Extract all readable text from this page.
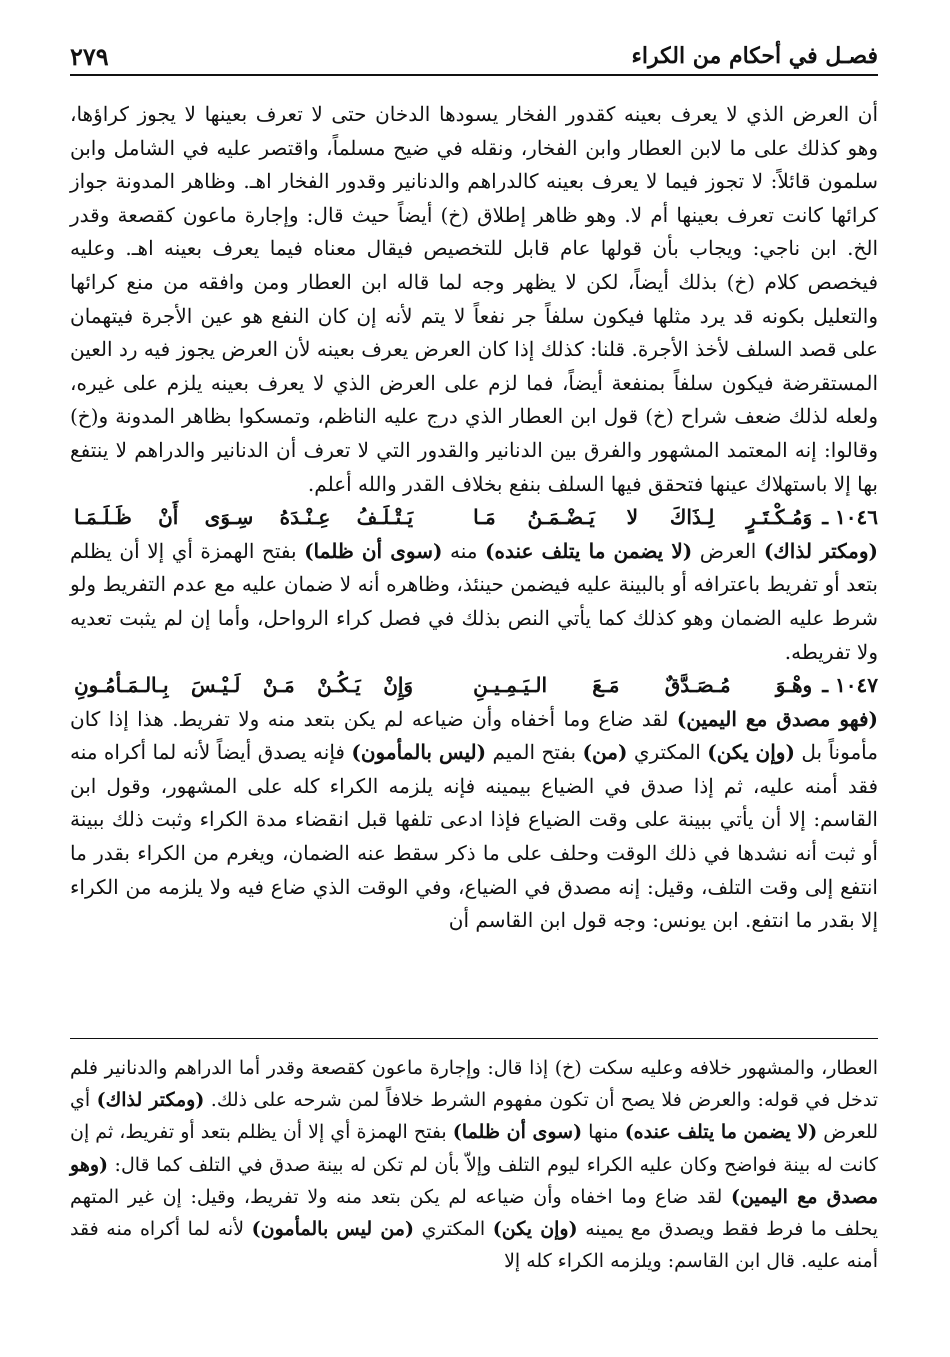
فصـل في أحكام من الكراء
٢٧٩

أن العرض الذي لا يعرف بعينه كقدور الفخار يسودها الدخان حتى لا تعرف بعينها لا يجوز كراؤها، وهو كذلك على ما لابن العطار وابن الفخار، ونقله في ضيح مسلماً، واقتصر عليه في الشامل وابن سلمون قائلاً: لا تجوز فيما لا يعرف بعينه كالدراهم والدنانير وقدور الفخار اهـ. وظاهر المدونة جواز كرائها كانت تعرف بعينها أم لا. وهو ظاهر إطلاق (خ) أيضاً حيث قال: وإجارة ماعون كقصعة وقدر الخ. ابن ناجي: ويجاب بأن قولها عام قابل للتخصيص فيقال معناه فيما يعرف بعينه اهـ. وعليه فيخصص كلام (خ) بذلك أيضاً، لكن لا يظهر وجه لما قاله ابن العطار ومن وافقه من منع كرائها والتعليل بكونه قد يرد مثلها فيكون سلفاً جر نفعاً لا يتم لأنه إن كان النفع هو عين الأجرة فيتهمان على قصد السلف لأخذ الأجرة. قلنا: كذلك إذا كان العرض يعرف بعينه لأن العرض يجوز فيه رد العين المستقرضة فيكون سلفاً بمنفعة أيضاً، فما لزم على العرض الذي لا يعرف بعينه يلزم على غيره، ولعله لذلك ضعف شراح (خ) قول ابن العطار الذي درج عليه الناظم، وتمسكوا بظاهر المدونة و(خ) وقالوا: إنه المعتمد المشهور والفرق بين الدنانير والقدور التي لا تعرف أن الدنانير والدراهم لا ينتفع بها إلا باستهلاك عينها فتحقق فيها السلف بنفع بخلاف القدر والله أعلم.

١٠٤٦ ـ
وَمُـكْـتَـرٍ لِـذَاكَ لا يَـضْـمَـنُ مَـا
يَـتْـلَـفُ عِـنْـدَهُ سِـوَى أَنْ ظَـلَـمَـا

(ومكتر لذاك) العرض (لا يضمن ما يتلف عنده) منه (سوى أن ظلما) بفتح الهمزة أي إلا أن يظلم بتعد أو تفريط باعترافه أو بالبينة عليه فيضمن حينئذ، وظاهره أنه لا ضمان عليه مع عدم التفريط ولو شرط عليه الضمان وهو كذلك كما يأتي النص بذلك في فصل كراء الرواحل، وأما إن لم يثبت تعديه ولا تفريطه.

١٠٤٧ ـ
وهْـوَ مُـصَـدَّقٌ مَـعَ الـيَـمِـيـنِ
وَإِنْ يَـكُـنْ مَـنْ لَـيْـسَ بِـالـمَـأمُـونِ

(فهو مصدق مع اليمين) لقد ضاع وما أخفاه وأن ضياعه لم يكن بتعد منه ولا تفريط. هذا إذا كان مأموناً بل (وإن يكن) المكتري (من) بفتح الميم (ليس بالمأمون) فإنه يصدق أيضاً لأنه لما أكراه منه فقد أمنه عليه، ثم إذا صدق في الضياع بيمينه فإنه يلزمه الكراء كله على المشهور، وقول ابن القاسم: إلا أن يأتي ببينة على وقت الضياع فإذا ادعى تلفها قبل انقضاء مدة الكراء وثبت ذلك ببينة أو ثبت أنه نشدها في ذلك الوقت وحلف على ما ذكر سقط عنه الضمان، ويغرم من الكراء بقدر ما انتفع إلى وقت التلف، وقيل: إنه مصدق في الضياع، وفي الوقت الذي ضاع فيه ولا يلزمه من الكراء إلا بقدر ما انتفع. ابن يونس: وجه قول ابن القاسم أن

العطار، والمشهور خلافه وعليه سكت (خ) إذا قال: وإجارة ماعون كقصعة وقدر أما الدراهم والدنانير فلم تدخل في قوله: والعرض فلا يصح أن تكون مفهوم الشرط خلافاً لمن شرحه على ذلك. (ومكتر لذاك) أي للعرض (لا يضمن ما يتلف عنده) منها (سوى أن ظلما) بفتح الهمزة أي إلا أن يظلم بتعد أو تفريط، ثم إن كانت له بينة فواضح وكان عليه الكراء ليوم التلف وإلاّ بأن لم تكن له بينة صدق في التلف كما قال: (وهو مصدق مع اليمين) لقد ضاع وما اخفاه وأن ضياعه لم يكن بتعد منه ولا تفريط، وقيل: إن غير المتهم يحلف ما فرط فقط ويصدق مع يمينه (وإن يكن) المكتري (من ليس بالمأمون) لأنه لما أكراه منه فقد أمنه عليه. قال ابن القاسم: ويلزمه الكراء كله إلا
